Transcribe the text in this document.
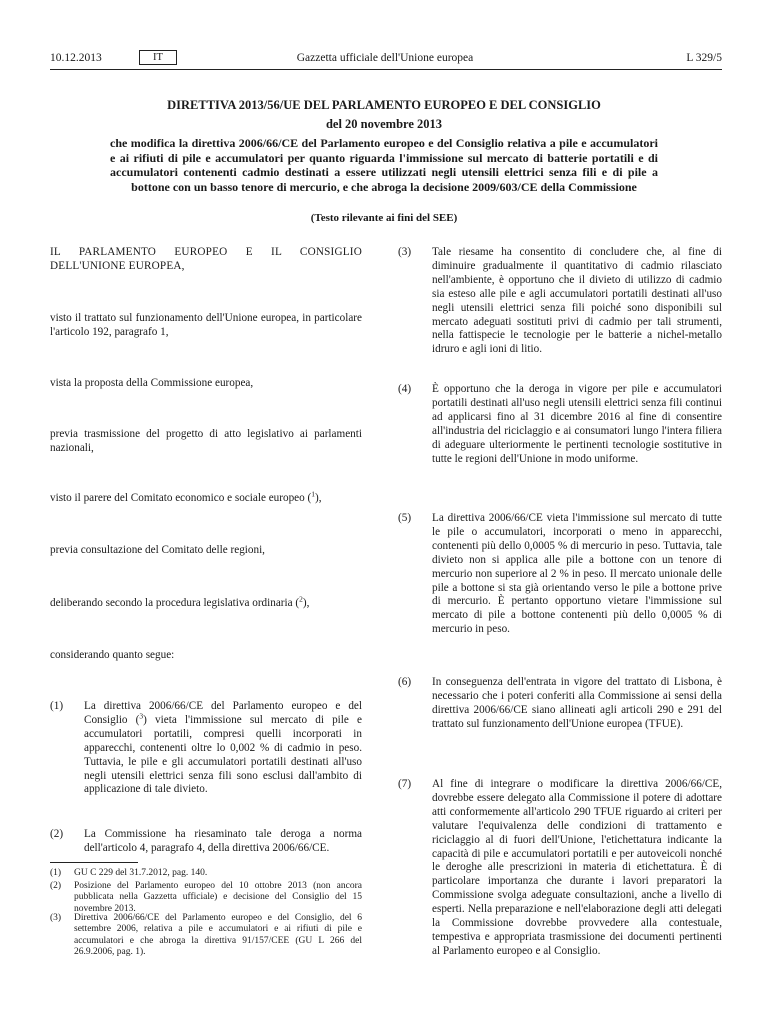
10.12.2013	IT	Gazzetta ufficiale dell'Unione europea	L 329/5
DIRETTIVA 2013/56/UE DEL PARLAMENTO EUROPEO E DEL CONSIGLIO
del 20 novembre 2013
che modifica la direttiva 2006/66/CE del Parlamento europeo e del Consiglio relativa a pile e accumulatori e ai rifiuti di pile e accumulatori per quanto riguarda l'immissione sul mercato di batterie portatili e di accumulatori contenenti cadmio destinati a essere utilizzati negli utensili elettrici senza fili e di pile a bottone con un basso tenore di mercurio, e che abroga la decisione 2009/603/CE della Commissione
(Testo rilevante ai fini del SEE)
IL PARLAMENTO EUROPEO E IL CONSIGLIO DELL'UNIONE EUROPEA,
visto il trattato sul funzionamento dell'Unione europea, in particolare l'articolo 192, paragrafo 1,
vista la proposta della Commissione europea,
previa trasmissione del progetto di atto legislativo ai parlamenti nazionali,
visto il parere del Comitato economico e sociale europeo ($^1$),
previa consultazione del Comitato delle regioni,
deliberando secondo la procedura legislativa ordinaria ($^2$),
considerando quanto segue:
(1)	La direttiva 2006/66/CE del Parlamento europeo e del Consiglio ($^3$) vieta l'immissione sul mercato di pile e accumulatori portatili, compresi quelli incorporati in apparecchi, contenenti oltre lo 0,002 % di cadmio in peso. Tuttavia, le pile e gli accumulatori portatili destinati all'uso negli utensili elettrici senza fili sono esclusi dall'ambito di applicazione di tale divieto.
(2)	La Commissione ha riesaminato tale deroga a norma dell'articolo 4, paragrafo 4, della direttiva 2006/66/CE.
(1) GU C 229 del 31.7.2012, pag. 140.
(2) Posizione del Parlamento europeo del 10 ottobre 2013 (non ancora pubblicata nella Gazzetta ufficiale) e decisione del Consiglio del 15 novembre 2013.
(3) Direttiva 2006/66/CE del Parlamento europeo e del Consiglio, del 6 settembre 2006, relativa a pile e accumulatori e ai rifiuti di pile e accumulatori e che abroga la direttiva 91/157/CEE (GU L 266 del 26.9.2006, pag. 1).
(3)	Tale riesame ha consentito di concludere che, al fine di diminuire gradualmente il quantitativo di cadmio rilasciato nell'ambiente, è opportuno che il divieto di utilizzo di cadmio sia esteso alle pile e agli accumulatori portatili destinati all'uso negli utensili elettrici senza fili poiché sono disponibili sul mercato adeguati sostituti privi di cadmio per tali strumenti, nella fattispecie le tecnologie per le batterie a nichel-metallo idruro e agli ioni di litio.
(4)	È opportuno che la deroga in vigore per pile e accumulatori portatili destinati all'uso negli utensili elettrici senza fili continui ad applicarsi fino al 31 dicembre 2016 al fine di consentire all'industria del riciclaggio e ai consumatori lungo l'intera filiera di adeguare ulteriormente le pertinenti tecnologie sostitutive in tutte le regioni dell'Unione in modo uniforme.
(5)	La direttiva 2006/66/CE vieta l'immissione sul mercato di tutte le pile o accumulatori, incorporati o meno in apparecchi, contenenti più dello 0,0005 % di mercurio in peso. Tuttavia, tale divieto non si applica alle pile a bottone con un tenore di mercurio non superiore al 2 % in peso. Il mercato unionale delle pile a bottone si sta già orientando verso le pile a bottone prive di mercurio. È pertanto opportuno vietare l'immissione sul mercato di pile a bottone contenenti più dello 0,0005 % di mercurio in peso.
(6)	In conseguenza dell'entrata in vigore del trattato di Lisbona, è necessario che i poteri conferiti alla Commissione ai sensi della direttiva 2006/66/CE siano allineati agli articoli 290 e 291 del trattato sul funzionamento dell'Unione europea (TFUE).
(7)	Al fine di integrare o modificare la direttiva 2006/66/CE, dovrebbe essere delegato alla Commissione il potere di adottare atti conformemente all'articolo 290 TFUE riguardo ai criteri per valutare l'equivalenza delle condizioni di trattamento e riciclaggio al di fuori dell'Unione, l'etichettatura indicante la capacità di pile e accumulatori portatili e per autoveicoli nonché le deroghe alle prescrizioni in materia di etichettatura. È di particolare importanza che durante i lavori preparatori la Commissione svolga adeguate consultazioni, anche a livello di esperti. Nella preparazione e nell'elaborazione degli atti delegati la Commissione dovrebbe provvedere alla contestuale, tempestiva e appropriata trasmissione dei documenti pertinenti al Parlamento europeo e al Consiglio.
